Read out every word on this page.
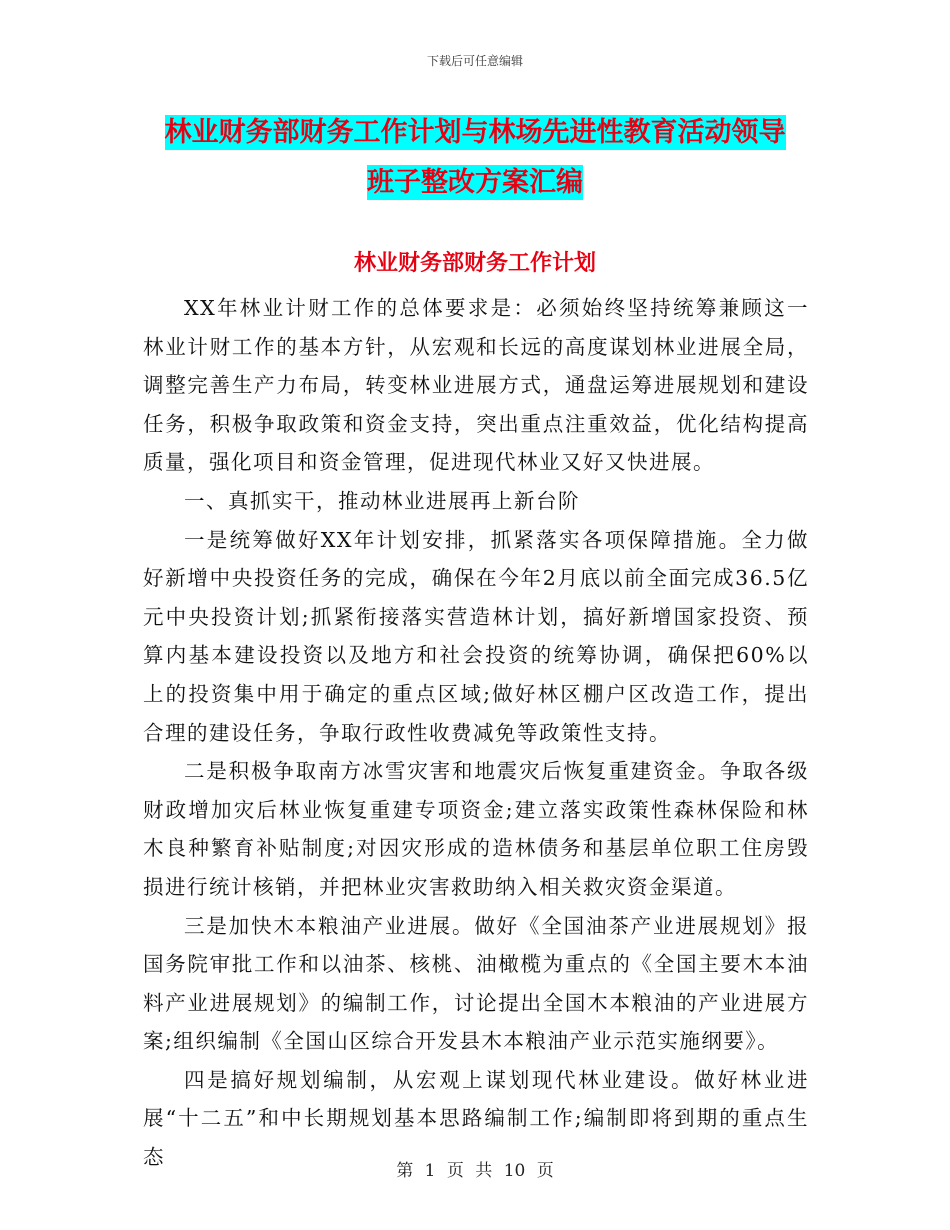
下载后可任意编辑
林业财务部财务工作计划与林场先进性教育活动领导
班子整改方案汇编
林业财务部财务工作计划

XX年林业计财工作的总体要求是：必须始终坚持统筹兼顾这一林业计财工作的基本方针，从宏观和长远的高度谋划林业进展全局，调整完善生产力布局，转变林业进展方式，通盘运筹进展规划和建设任务，积极争取政策和资金支持，突出重点注重效益，优化结构提高质量，强化项目和资金管理，促进现代林业又好又快进展。

一、真抓实干，推动林业进展再上新台阶

一是统筹做好XX年计划安排，抓紧落实各项保障措施。全力做好新增中央投资任务的完成，确保在今年2月底以前全面完成36.5亿元中央投资计划;抓紧衔接落实营造林计划，搞好新增国家投资、预算内基本建设投资以及地方和社会投资的统筹协调，确保把60%以上的投资集中用于确定的重点区域;做好林区棚户区改造工作，提出合理的建设任务，争取行政性收费减免等政策性支持。

二是积极争取南方冰雪灾害和地震灾后恢复重建资金。争取各级财政增加灾后林业恢复重建专项资金;建立落实政策性森林保险和林木良种繁育补贴制度;对因灾形成的造林债务和基层单位职工住房毁损进行统计核销，并把林业灾害救助纳入相关救灾资金渠道。

三是加快木本粮油产业进展。做好《全国油茶产业进展规划》报国务院审批工作和以油茶、核桃、油橄榄为重点的《全国主要木本油料产业进展规划》的编制工作，讨论提出全国木本粮油的产业进展方案;组织编制《全国山区综合开发县木本粮油产业示范实施纲要》。

四是搞好规划编制，从宏观上谋划现代林业建设。做好林业进展“十二五”和中长期规划基本思路编制工作;编制即将到期的重点生态

第 1 页 共 10 页
